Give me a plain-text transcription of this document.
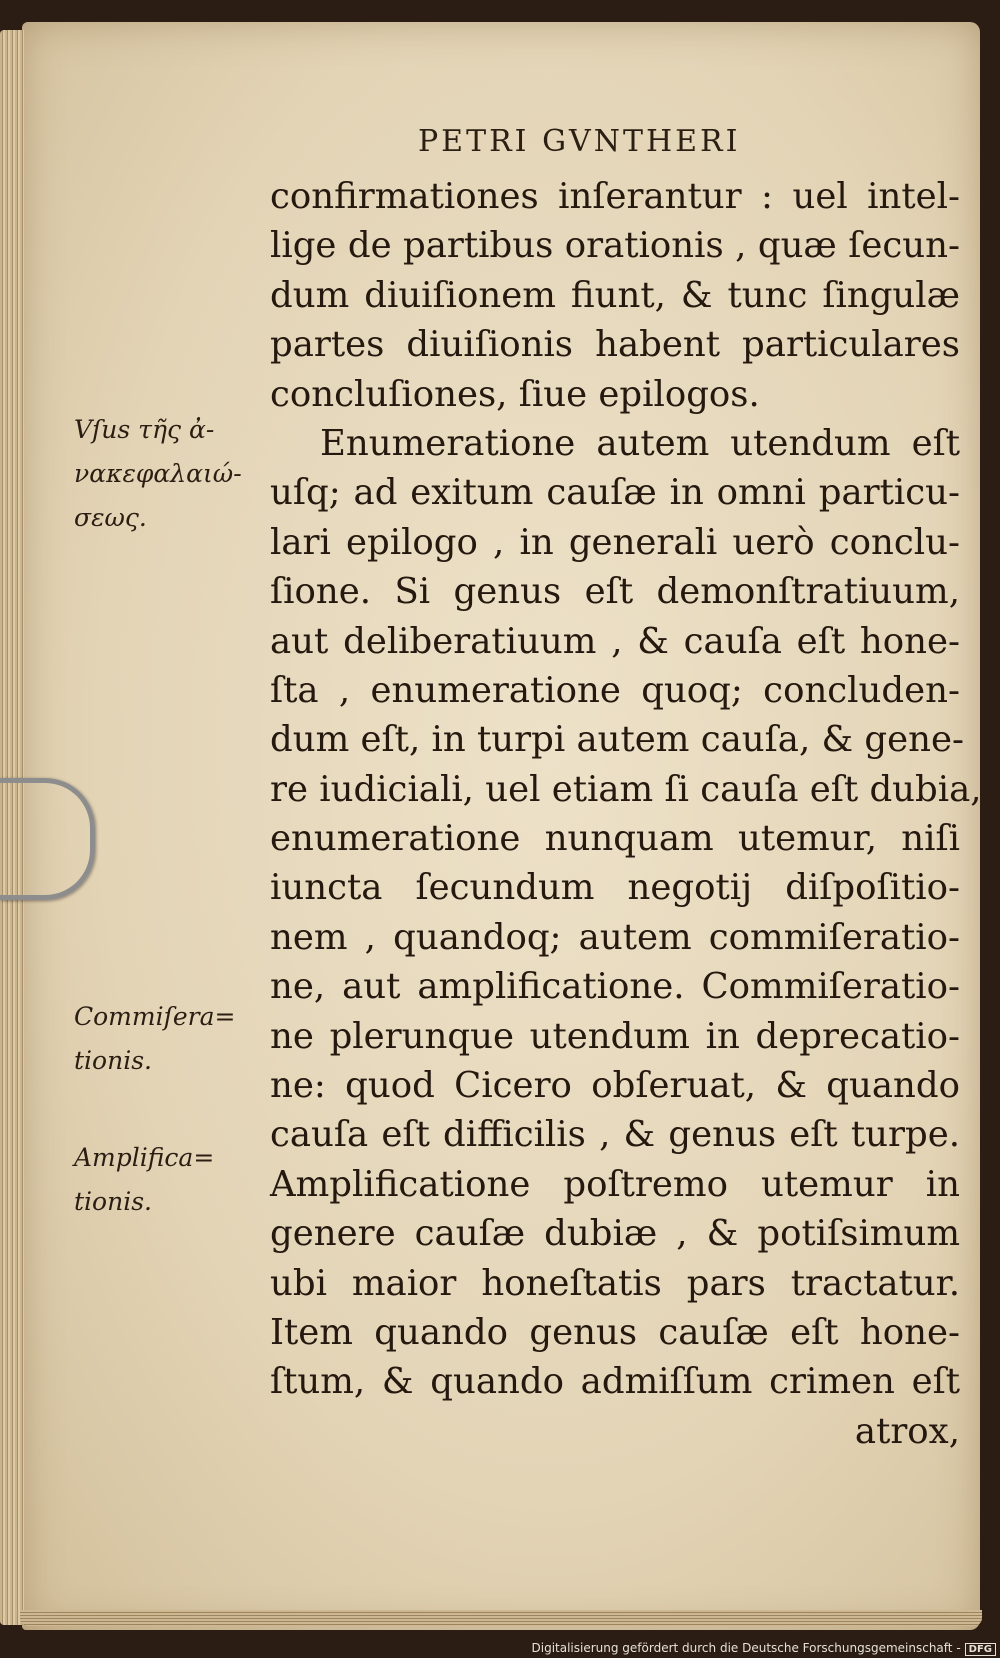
PETRI GVNTHERI
Vſus τῆς ἀ-
νακεφαλαιώ-
σεως.
Commiſera=
tionis.
Amplifica=
tionis.
confirmationes inſerantur : uel intel-
lige de partibus orationis , quæ ſecun-
dum diuiſionem fiunt, & tunc ſingulæ
partes diuiſionis habent particulares
concluſiones, ſiue epilogos.
Enumeratione autem utendum eſt
uſq; ad exitum cauſæ in omni particu-
lari epilogo , in generali uerò conclu-
ſione. Si genus eſt demonſtratiuum,
aut deliberatiuum , & cauſa eſt hone-
ſta , enumeratione quoq; concluden-
dum eſt, in turpi autem cauſa, & gene-
re iudiciali, uel etiam ſi cauſa eſt dubia,
enumeratione nunquam utemur, niſi
iuncta ſecundum negotij diſpoſitio-
nem , quandoq; autem commiſeratio-
ne, aut amplificatione. Commiſeratio-
ne plerunque utendum in deprecatio-
ne: quod Cicero obſeruat, & quando
cauſa eſt difficilis , & genus eſt turpe.
Amplificatione poſtremo utemur in
genere cauſæ dubiæ , & potiſsimum
ubi maior honeſtatis pars tractatur.
Item quando genus cauſæ eſt hone-
ſtum, & quando admiſſum crimen eſt
atrox,
Digitalisierung gefördert durch die Deutsche Forschungsgemeinschaft - DFG
